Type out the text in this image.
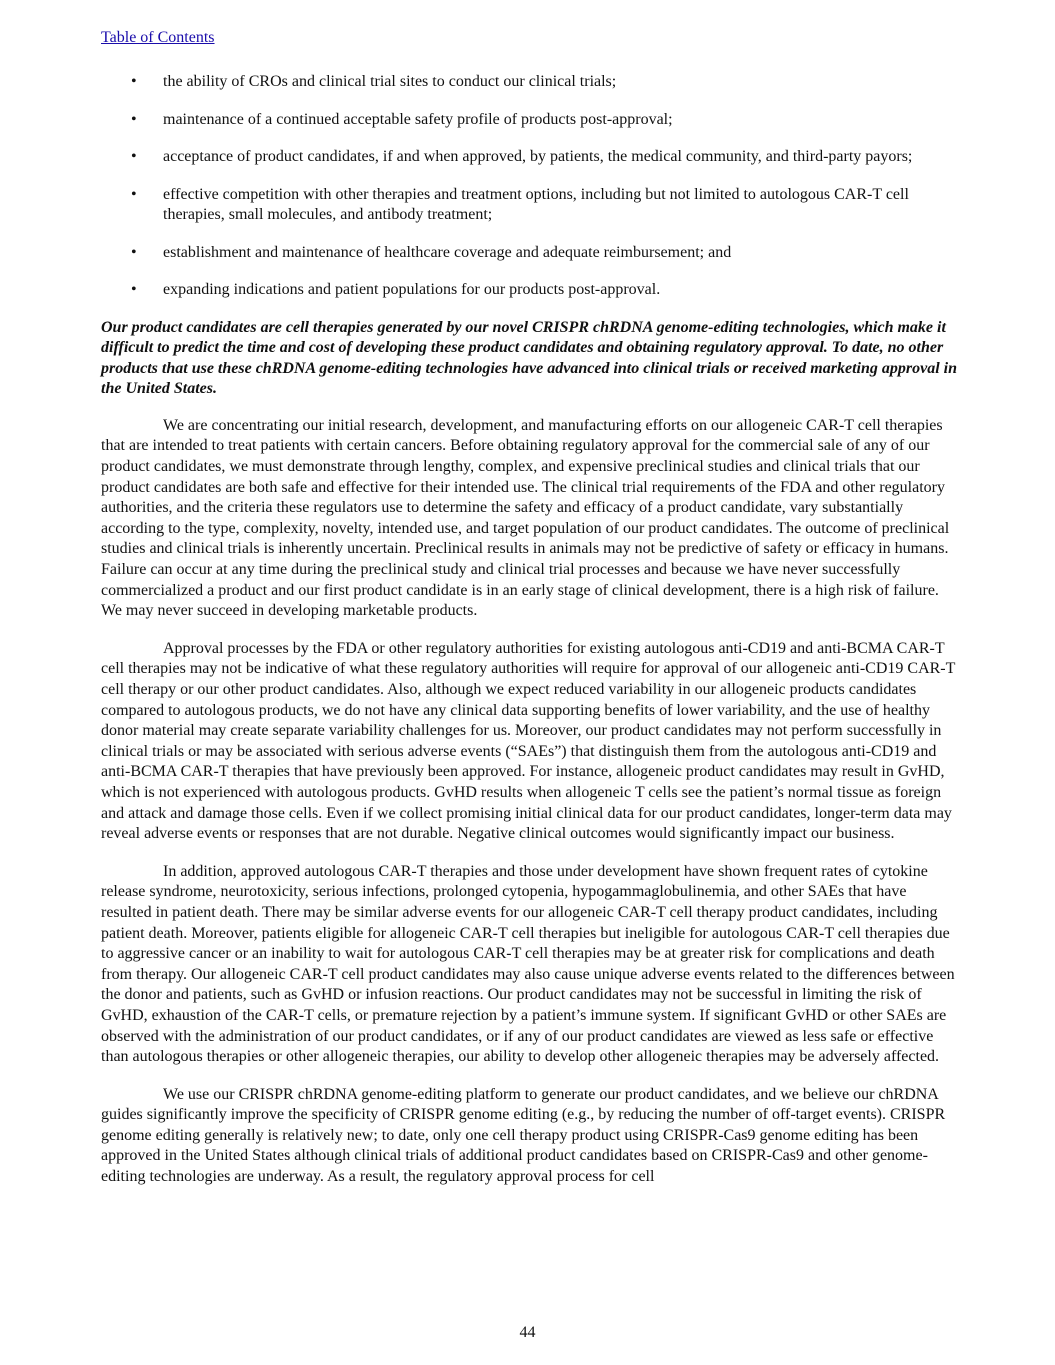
Table of Contents
• the ability of CROs and clinical trial sites to conduct our clinical trials;
• maintenance of a continued acceptable safety profile of products post-approval;
• acceptance of product candidates, if and when approved, by patients, the medical community, and third-party payors;
• effective competition with other therapies and treatment options, including but not limited to autologous CAR-T cell therapies, small molecules, and antibody treatment;
• establishment and maintenance of healthcare coverage and adequate reimbursement; and
• expanding indications and patient populations for our products post-approval.

Our product candidates are cell therapies generated by our novel CRISPR chRDNA genome-editing technologies, which make it difficult to predict the time and cost of developing these product candidates and obtaining regulatory approval. To date, no other products that use these chRDNA genome-editing technologies have advanced into clinical trials or received marketing approval in the United States.

We are concentrating our initial research, development, and manufacturing efforts on our allogeneic CAR-T cell therapies that are intended to treat patients with certain cancers. Before obtaining regulatory approval for the commercial sale of any of our product candidates, we must demonstrate through lengthy, complex, and expensive preclinical studies and clinical trials that our product candidates are both safe and effective for their intended use. The clinical trial requirements of the FDA and other regulatory authorities, and the criteria these regulators use to determine the safety and efficacy of a product candidate, vary substantially according to the type, complexity, novelty, intended use, and target population of our product candidates. The outcome of preclinical studies and clinical trials is inherently uncertain. Preclinical results in animals may not be predictive of safety or efficacy in humans. Failure can occur at any time during the preclinical study and clinical trial processes and because we have never successfully commercialized a product and our first product candidate is in an early stage of clinical development, there is a high risk of failure. We may never succeed in developing marketable products.

Approval processes by the FDA or other regulatory authorities for existing autologous anti-CD19 and anti-BCMA CAR-T cell therapies may not be indicative of what these regulatory authorities will require for approval of our allogeneic anti-CD19 CAR-T cell therapy or our other product candidates. Also, although we expect reduced variability in our allogeneic products candidates compared to autologous products, we do not have any clinical data supporting benefits of lower variability, and the use of healthy donor material may create separate variability challenges for us. Moreover, our product candidates may not perform successfully in clinical trials or may be associated with serious adverse events (“SAEs”) that distinguish them from the autologous anti-CD19 and anti-BCMA CAR-T therapies that have previously been approved. For instance, allogeneic product candidates may result in GvHD, which is not experienced with autologous products. GvHD results when allogeneic T cells see the patient’s normal tissue as foreign and attack and damage those cells. Even if we collect promising initial clinical data for our product candidates, longer-term data may reveal adverse events or responses that are not durable. Negative clinical outcomes would significantly impact our business.

In addition, approved autologous CAR-T therapies and those under development have shown frequent rates of cytokine release syndrome, neurotoxicity, serious infections, prolonged cytopenia, hypogammaglobulinemia, and other SAEs that have resulted in patient death. There may be similar adverse events for our allogeneic CAR-T cell therapy product candidates, including patient death. Moreover, patients eligible for allogeneic CAR-T cell therapies but ineligible for autologous CAR-T cell therapies due to aggressive cancer or an inability to wait for autologous CAR-T cell therapies may be at greater risk for complications and death from therapy. Our allogeneic CAR-T cell product candidates may also cause unique adverse events related to the differences between the donor and patients, such as GvHD or infusion reactions. Our product candidates may not be successful in limiting the risk of GvHD, exhaustion of the CAR-T cells, or premature rejection by a patient’s immune system. If significant GvHD or other SAEs are observed with the administration of our product candidates, or if any of our product candidates are viewed as less safe or effective than autologous therapies or other allogeneic therapies, our ability to develop other allogeneic therapies may be adversely affected.

We use our CRISPR chRDNA genome-editing platform to generate our product candidates, and we believe our chRDNA guides significantly improve the specificity of CRISPR genome editing (e.g., by reducing the number of off-target events). CRISPR genome editing generally is relatively new; to date, only one cell therapy product using CRISPR-Cas9 genome editing has been approved in the United States although clinical trials of additional product candidates based on CRISPR-Cas9 and other genome-editing technologies are underway. As a result, the regulatory approval process for cell

44
